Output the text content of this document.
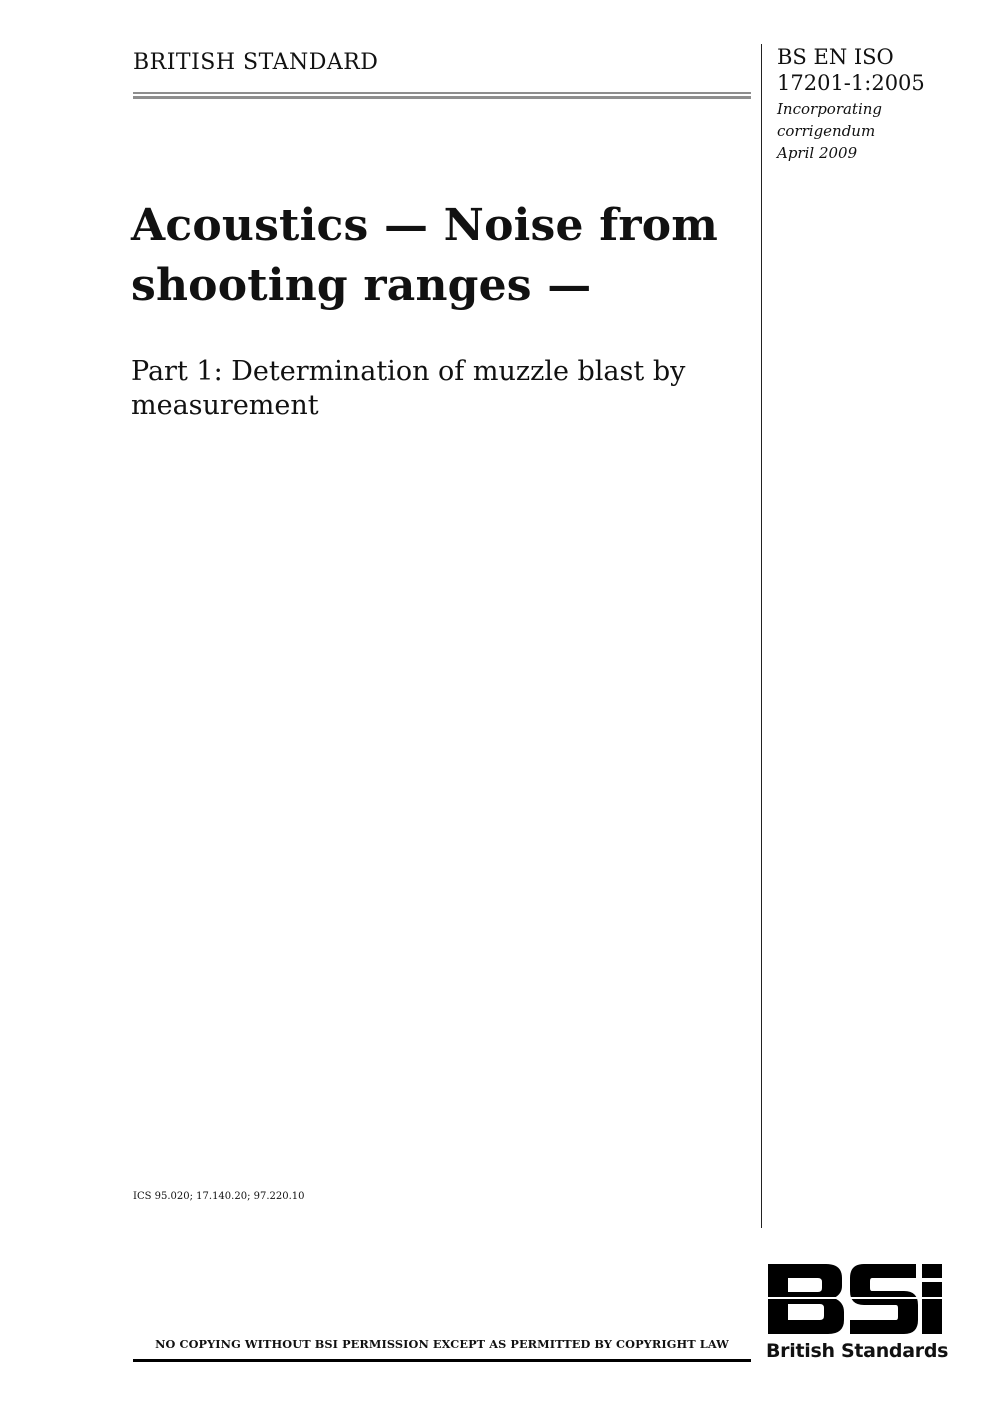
BRITISH STANDARD	BS EN ISO
17201-1:2005
Incorporating
corrigendum
April 2009
Acoustics — Noise from
shooting ranges —
Part 1: Determination of muzzle blast by
measurement
ICS 95.020; 17.140.20; 97.220.10
British Standards
NO COPYING WITHOUT BSI PERMISSION EXCEPT AS PERMITTED BY COPYRIGHT LAW
